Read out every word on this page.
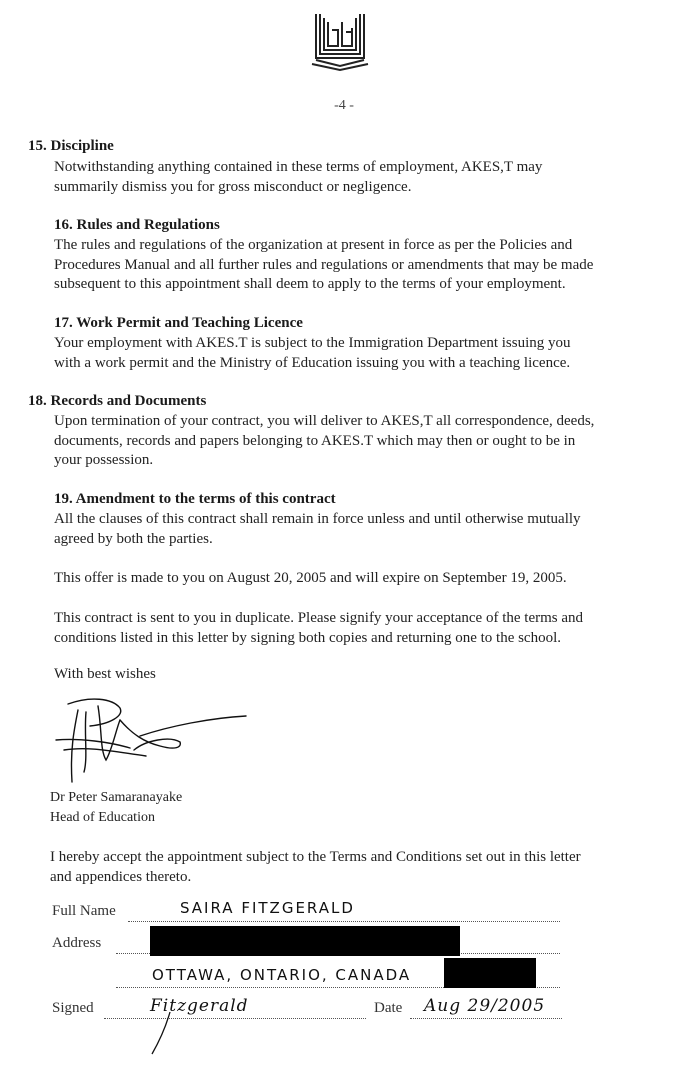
-4 -
15. Discipline
Notwithstanding anything contained in these terms of employment, AKES,T may
summarily dismiss you for gross misconduct or negligence.
16. Rules and Regulations
The rules and regulations of the organization at present in force as per the Policies and
Procedures Manual and all further rules and regulations or amendments that may be made
subsequent to this appointment shall deem to apply to the terms of your employment.
17. Work Permit and Teaching Licence
Your employment with AKES.T is subject to the Immigration Department issuing you
with a work permit and the Ministry of Education issuing you with a teaching licence.
18. Records and Documents
Upon termination of your contract, you will deliver to AKES,T all correspondence, deeds,
documents, records and papers belonging to AKES.T which may then or ought to be in
your possession.
19. Amendment to the terms of this contract
All the clauses of this contract shall remain in force unless and until otherwise mutually
agreed by both the parties.
This offer is made to you on August 20, 2005 and will expire on September 19, 2005.
This contract is sent to you in duplicate. Please signify your acceptance of the terms and
conditions listed in this letter by signing both copies and returning one to the school.
With best wishes
Dr Peter Samaranayake
Head of Education
I hereby accept the appointment subject to the Terms and Conditions set out in this letter
and appendices thereto.
Full Name	SAIRA FITZGERALD
Address
OTTAWA, ONTARIO, CANADA
Signed	Fitzgerald	Date Aug 29/2005
